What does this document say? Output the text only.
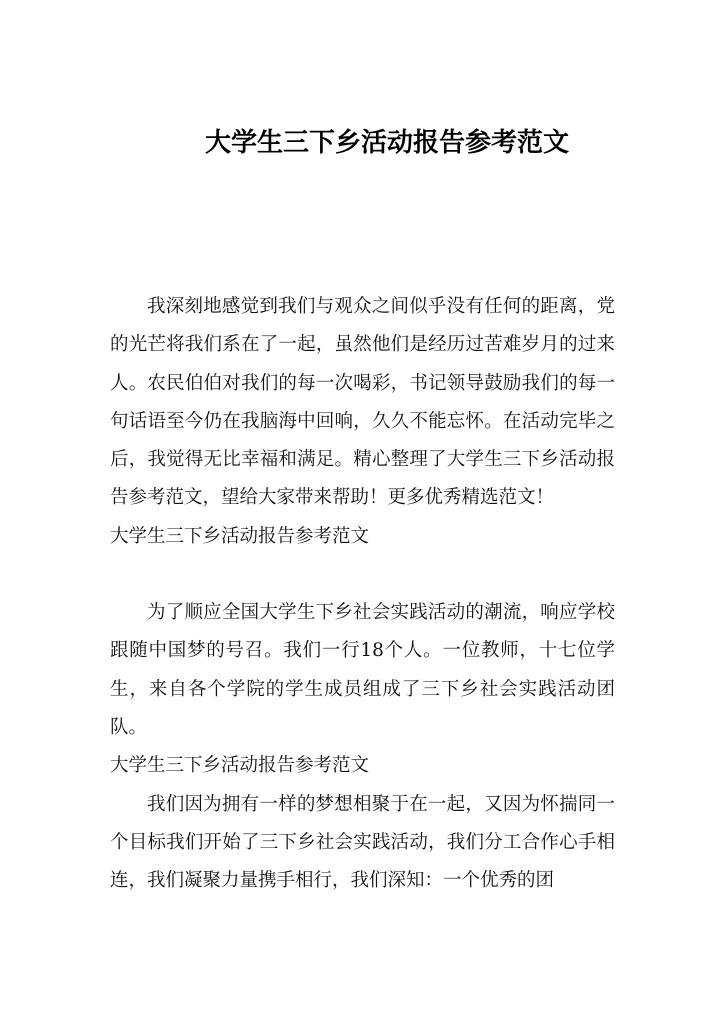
大学生三下乡活动报告参考范文

我深刻地感觉到我们与观众之间似乎没有任何的距离，党的光芒将我们系在了一起，虽然他们是经历过苦难岁月的过来人。农民伯伯对我们的每一次喝彩，书记领导鼓励我们的每一句话语至今仍在我脑海中回响，久久不能忘怀。在活动完毕之后，我觉得无比幸福和满足。精心整理了大学生三下乡活动报告参考范文，望给大家带来帮助！更多优秀精选范文！

大学生三下乡活动报告参考范文

为了顺应全国大学生下乡社会实践活动的潮流，响应学校跟随中国梦的号召。我们一行18个人。一位教师，十七位学生，来自各个学院的学生成员组成了三下乡社会实践活动团队。

大学生三下乡活动报告参考范文

我们因为拥有一样的梦想相聚于在一起，又因为怀揣同一个目标我们开始了三下乡社会实践活动，我们分工合作心手相连，我们凝聚力量携手相行，我们深知：一个优秀的团
